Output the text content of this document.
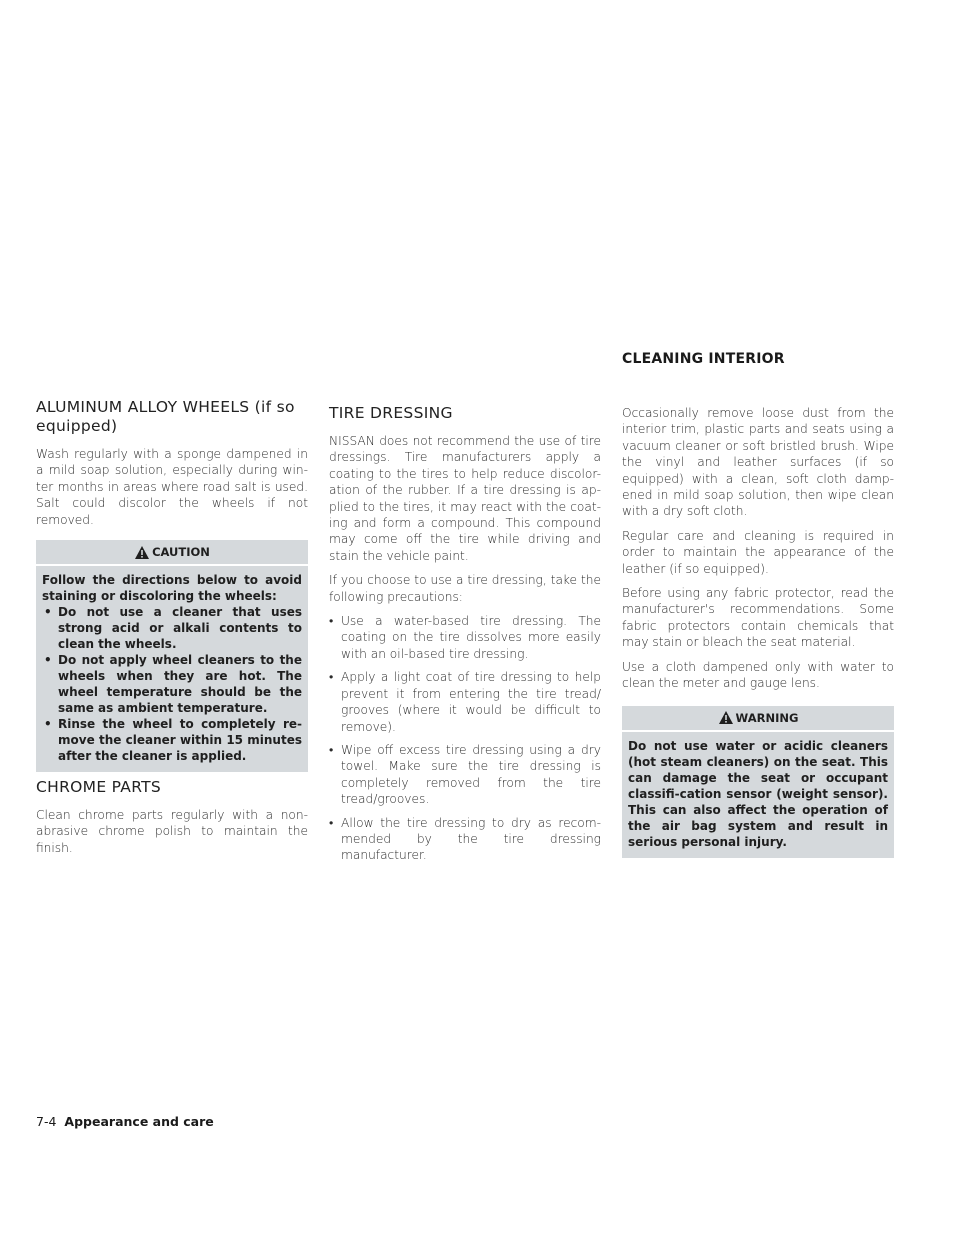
CLEANING INTERIOR
ALUMINUM ALLOY WHEELS (if so equipped)

Wash regularly with a sponge dampened in a mild soap solution, especially during win-ter months in areas where road salt is used. Salt could discolor the wheels if not removed.

CAUTION

Follow the directions below to avoid staining or discoloring the wheels:

• Do not use a cleaner that uses strong acid or alkali contents to clean the wheels.
• Do not apply wheel cleaners to the wheels when they are hot. The wheel temperature should be the same as ambient temperature.
• Rinse the wheel to completely re-move the cleaner within 15 minutes after the cleaner is applied.
CHROME PARTS

Clean chrome parts regularly with a non-abrasive chrome polish to maintain the finish.

TIRE DRESSING

NISSAN does not recommend the use of tire dressings. Tire manufacturers apply a coating to the tires to help reduce discolor-ation of the rubber. If a tire dressing is ap-plied to the tires, it may react with the coat-ing and form a compound. This compound may come off the tire while driving and stain the vehicle paint.

If you choose to use a tire dressing, take the following precautions:

• Use a water-based tire dressing. The coating on the tire dissolves more easily with an oil-based tire dressing.
• Apply a light coat of tire dressing to help prevent it from entering the tire tread/ grooves (where it would be difficult to remove).
• Wipe off excess tire dressing using a dry towel. Make sure the tire dressing is completely removed from the tire tread/grooves.
• Allow the tire dressing to dry as recom-mended by the tire dressing manufacturer.

Occasionally remove loose dust from the interior trim, plastic parts and seats using a vacuum cleaner or soft bristled brush. Wipe the vinyl and leather surfaces (if so equipped) with a clean, soft cloth damp-ened in mild soap solution, then wipe clean with a dry soft cloth.

Regular care and cleaning is required in order to maintain the appearance of the leather (if so equipped).

Before using any fabric protector, read the manufacturer's recommendations. Some fabric protectors contain chemicals that may stain or bleach the seat material.

Use a cloth dampened only with water to clean the meter and gauge lens.

WARNING

Do not use water or acidic cleaners (hot steam cleaners) on the seat. This can damage the seat or occupant classifi-cation sensor (weight sensor). This can also affect the operation of the air bag system and result in serious personal injury.

7-4 Appearance and care
